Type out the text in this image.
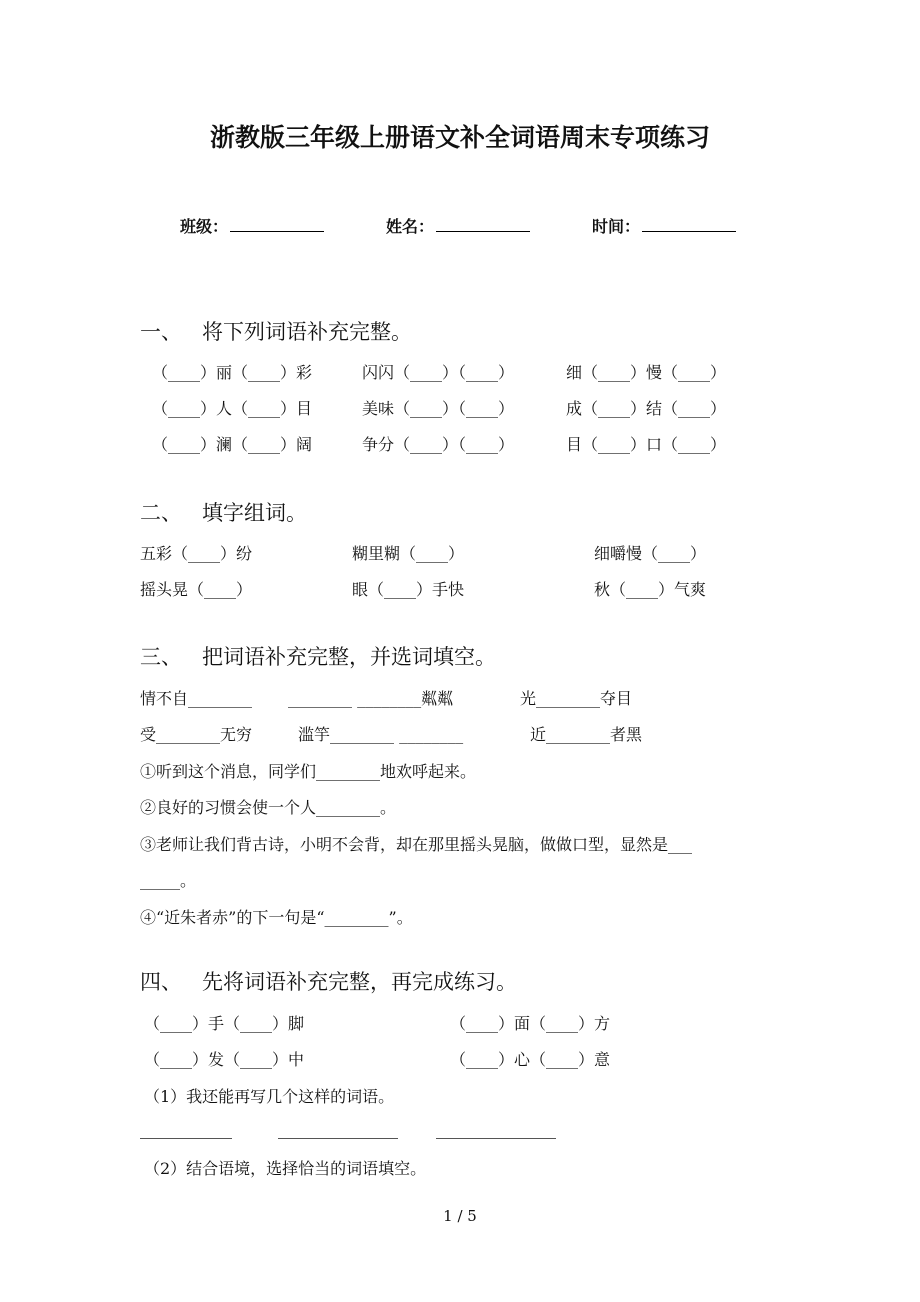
浙教版三年级上册语文补全词语周末专项练习
班级：	姓名：	时间：
一、 将下列词语补充完整。
（____）丽（____）彩	闪闪（____）（____）	细（____）慢（____）
（____）人（____）目	美味（____）（____）	成（____）结（____）
（____）澜（____）阔	争分（____）（____）	目（____）口（____）
二、 填字组词。
五彩（____）纷	糊里糊（____）	细嚼慢（____）
摇头晃（____）	眼（____）手快	秋（____）气爽
三、 把词语补充完整，并选词填空。
情不自________ ________ ________粼粼	光________夺目
受________无穷	滥竽________ ________	近________者黑
①听到这个消息，同学们________地欢呼起来。
②良好的习惯会使一个人________。
③老师让我们背古诗，小明不会背，却在那里摇头晃脑，做做口型，显然是___
_____。
④“近朱者赤”的下一句是“________”。
四、 先将词语补充完整，再完成练习。
（____）手（____）脚	（____）面（____）方
（____）发（____）中	（____）心（____）意
（1）我还能再写几个这样的词语。
（2）结合语境，选择恰当的词语填空。
1 / 5
